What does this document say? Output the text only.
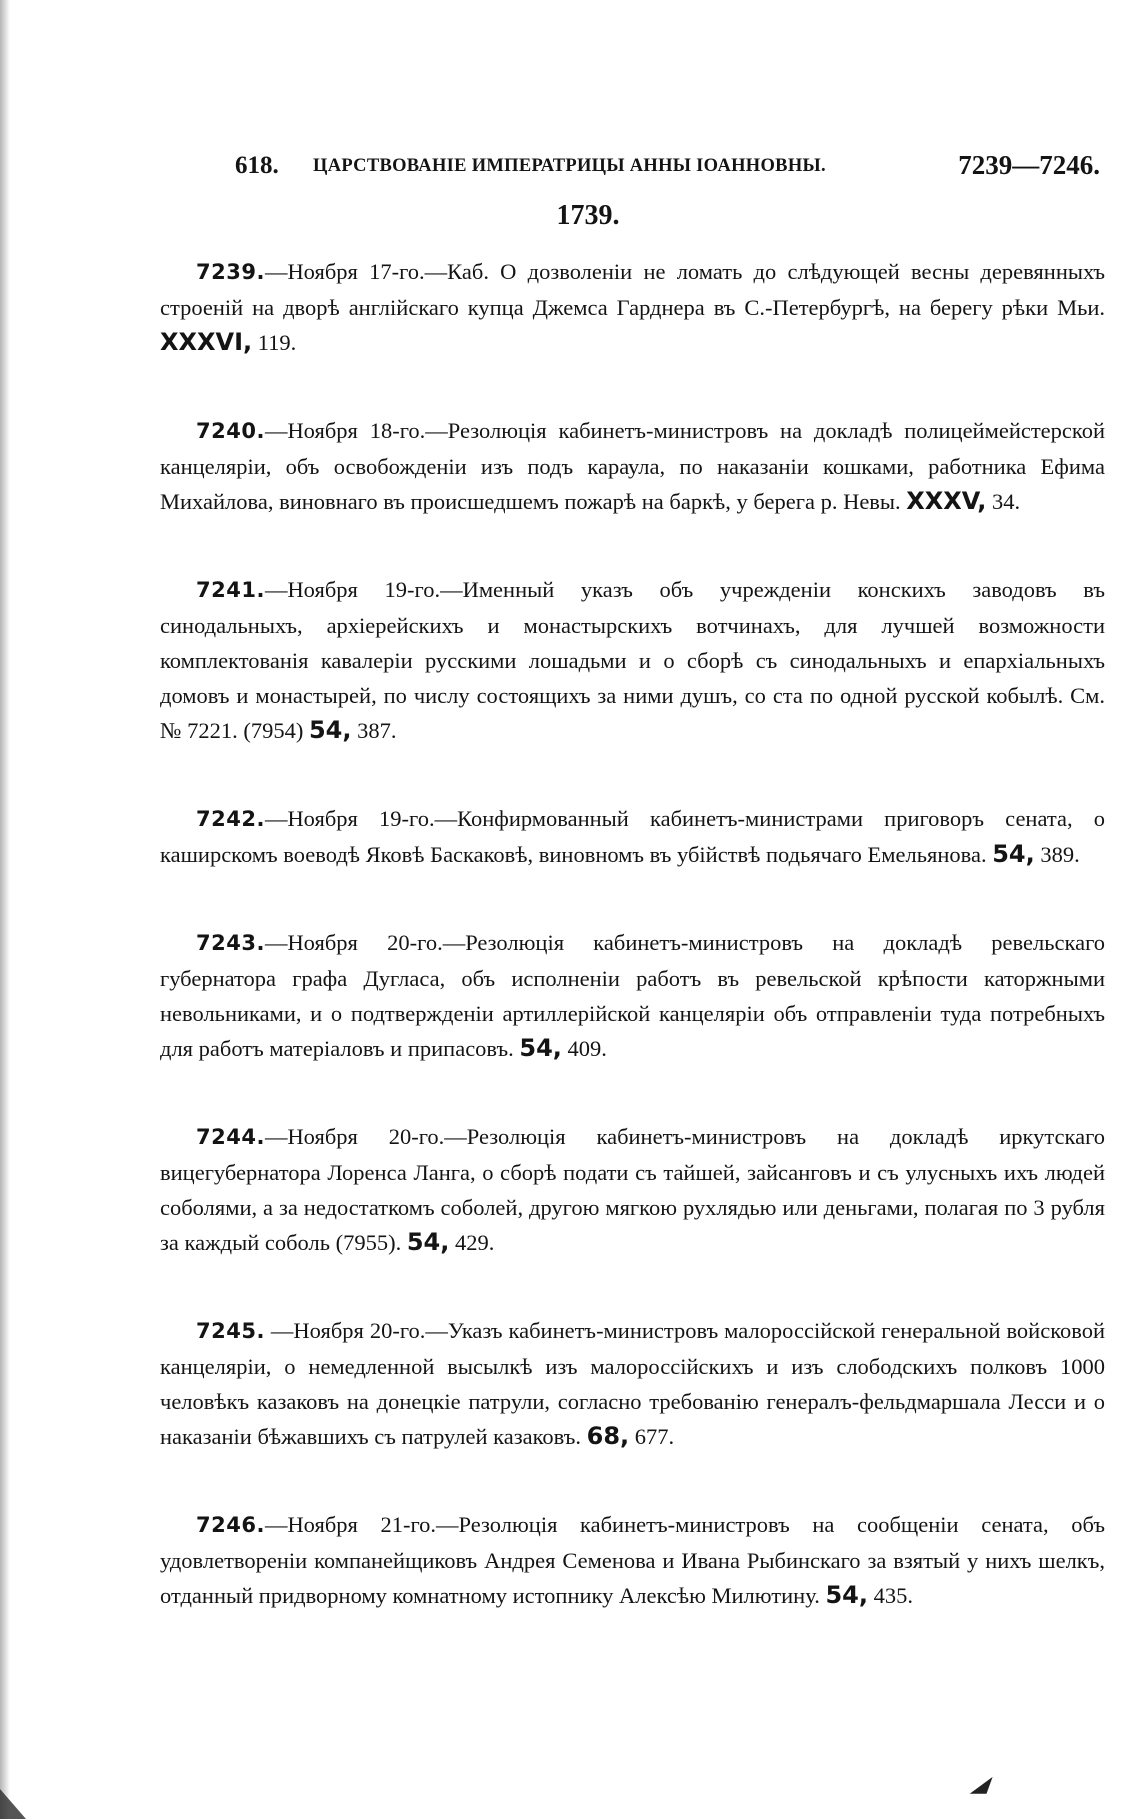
◢
618. ЦАРСТВОВАНІЕ ИМПЕРАТРИЦЫ АННЫ ІОАННОВНЫ.	7239—7246.
1739.

7239.—Ноября 17-го.—Каб. О дозволеніи не ломать до слѣдующей весны деревянныхъ строеній на дворѣ англійскаго купца Джемса Гарднера въ С.-Петербургѣ, на берегу рѣки Мьи. XXXVI, 119.

7240.—Ноября 18-го.—Резолюція кабинетъ-министровъ на докладѣ полицеймейстерской канцеляріи, объ освобожденіи изъ подъ караула, по наказаніи кошками, работника Ефима Михайлова, виновнаго въ происшедшемъ пожарѣ на баркѣ, у берега р. Невы. XXXV, 34.

7241.—Ноября 19-го.—Именный указъ объ учрежденіи конскихъ заводовъ въ синодальныхъ, архіерейскихъ и монастырскихъ вотчинахъ, для лучшей возможности комплектованія кавалеріи русскими лошадьми и о сборѣ съ синодальныхъ и епархіальныхъ домовъ и монастырей, по числу состоящихъ за ними душъ, со ста по одной русской кобылѣ. См. № 7221. (7954) 54, 387.

7242.—Ноября 19-го.—Конфирмованный кабинетъ-министрами приговоръ сената, о каширскомъ воеводѣ Яковѣ Баскаковѣ, виновномъ въ убійствѣ подьячаго Емельянова. 54, 389.

7243.—Ноября 20-го.—Резолюція кабинетъ-министровъ на докладѣ ревельскаго губернатора графа Дугласа, объ исполненіи работъ въ ревельской крѣпости каторжными невольниками, и о подтвержденіи артиллерійской канцеляріи объ отправленіи туда потребныхъ для работъ матеріаловъ и припасовъ. 54, 409.

7244.—Ноября 20-го.—Резолюція кабинетъ-министровъ на докладѣ иркутскаго вицегубернатора Лоренса Ланга, о сборѣ подати съ тайшей, зайсанговъ и съ улусныхъ ихъ людей соболями, а за недостаткомъ соболей, другою мягкою рухлядью или деньгами, полагая по 3 рубля за каждый соболь (7955). 54, 429.

7245. —Ноября 20-го.—Указъ кабинетъ-министровъ малороссійской генеральной войсковой канцеляріи, о немедленной высылкѣ изъ малороссійскихъ и изъ слободскихъ полковъ 1000 человѣкъ казаковъ на донецкіе патрули, согласно требованію генералъ-фельдмаршала Лесси и о наказаніи бѣжавшихъ съ патрулей казаковъ. 68, 677.

7246.—Ноября 21-го.—Резолюція кабинетъ-министровъ на сообщеніи сената, объ удовлетвореніи компанейщиковъ Андрея Семенова и Ивана Рыбинскаго за взятый у нихъ шелкъ, отданный придворному комнатному истопнику Алексѣю Милютину. 54, 435.
